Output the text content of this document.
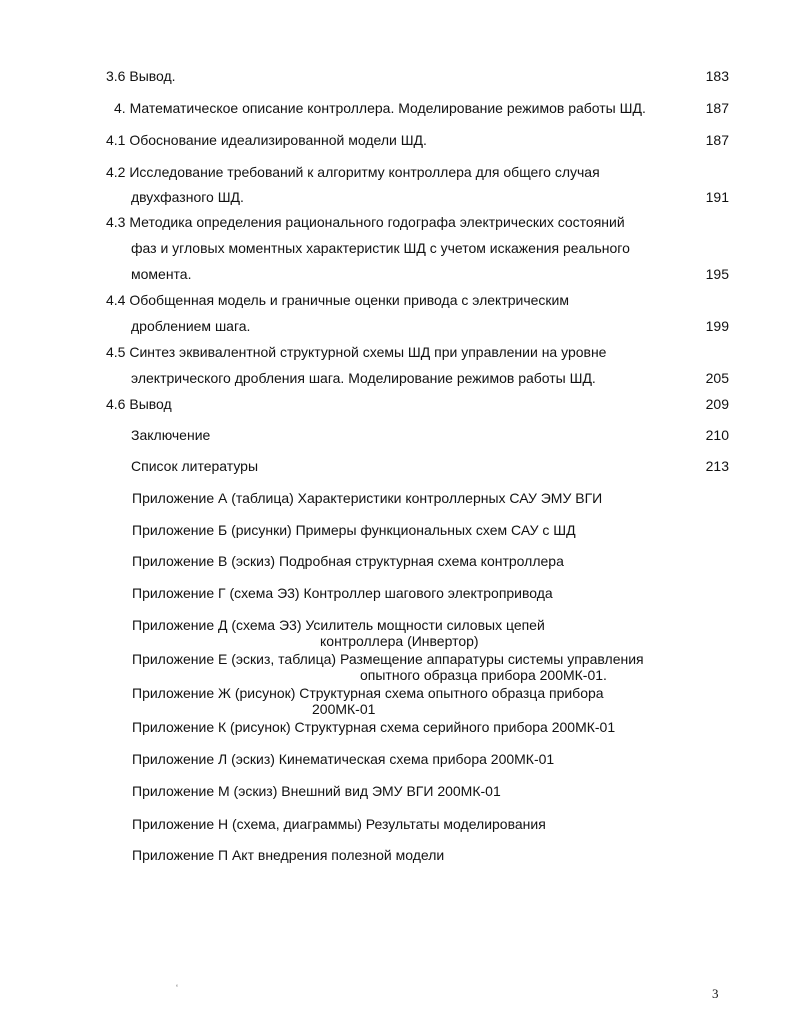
3.6 Вывод.	183
4. Математическое описание контроллера. Моделирование режимов работы ШД.	187
4.1 Обоснование идеализированной модели ШД.	187
4.2 Исследование требований к алгоритму контроллера для общего случая
двухфазного ШД.	191
4.3 Методика определения рационального годографа электрических состояний
фаз и угловых моментных характеристик ШД с учетом искажения реального
момента.	195
4.4 Обобщенная модель и граничные оценки привода с электрическим
дроблением шага.	199
4.5 Синтез эквивалентной структурной схемы ШД при управлении на уровне
электрического дробления шага. Моделирование режимов работы ШД.	205
4.6 Вывод	209
Заключение	210
Список литературы	213
Приложение А (таблица) Характеристики контроллерных САУ ЭМУ ВГИ
Приложение Б (рисунки) Примеры функциональных схем САУ с ШД
Приложение В (эскиз) Подробная структурная схема контроллера
Приложение Г (схема Э3) Контроллер шагового электропривода
Приложение Д (схема Э3) Усилитель мощности силовых цепей
контроллера (Инвертор)
Приложение Е (эскиз, таблица) Размещение аппаратуры системы управления
опытного образца прибора 200МК-01.
Приложение Ж (рисунок) Структурная схема опытного образца прибора
200МК-01
Приложение К (рисунок) Структурная схема серийного прибора 200МК-01
Приложение Л (эскиз) Кинематическая схема прибора 200МК-01
Приложение М (эскиз) Внешний вид ЭМУ ВГИ 200МК-01
Приложение Н (схема, диаграммы) Результаты моделирования
Приложение П Акт внедрения полезной модели
ʻ	3
